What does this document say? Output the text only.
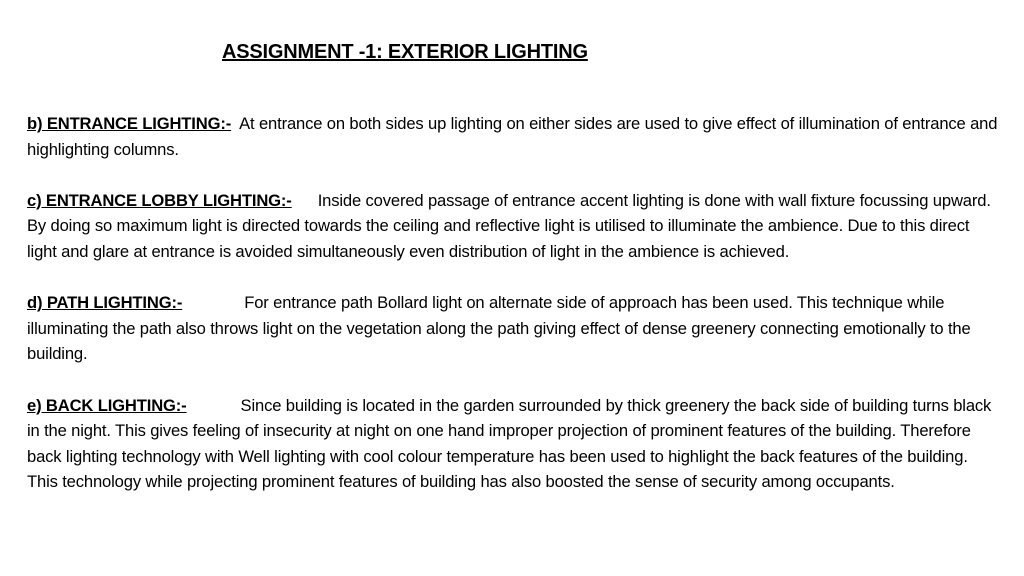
ASSIGNMENT -1: EXTERIOR LIGHTING

b) ENTRANCE LIGHTING:- At entrance on both sides up lighting on either sides are used to give effect of illumination of entrance and highlighting columns.

c) ENTRANCE LOBBY LIGHTING:- Inside covered passage of entrance accent lighting is done with wall fixture focussing upward. By doing so maximum light is directed towards the ceiling and reflective light is utilised to illuminate the ambience. Due to this direct light and glare at entrance is avoided simultaneously even distribution of light in the ambience is achieved.

d) PATH LIGHTING:-	For entrance path Bollard light on alternate side of approach has been used. This technique while illuminating the path also throws light on the vegetation along the path giving effect of dense greenery connecting emotionally to the building.

e) BACK LIGHTING:-	Since building is located in the garden surrounded by thick greenery the back side of building turns black in the night. This gives feeling of insecurity at night on one hand improper projection of prominent features of the building. Therefore back lighting technology with Well lighting with cool colour temperature has been used to highlight the back features of the building. This technology while projecting prominent features of building has also boosted the sense of security among occupants.
